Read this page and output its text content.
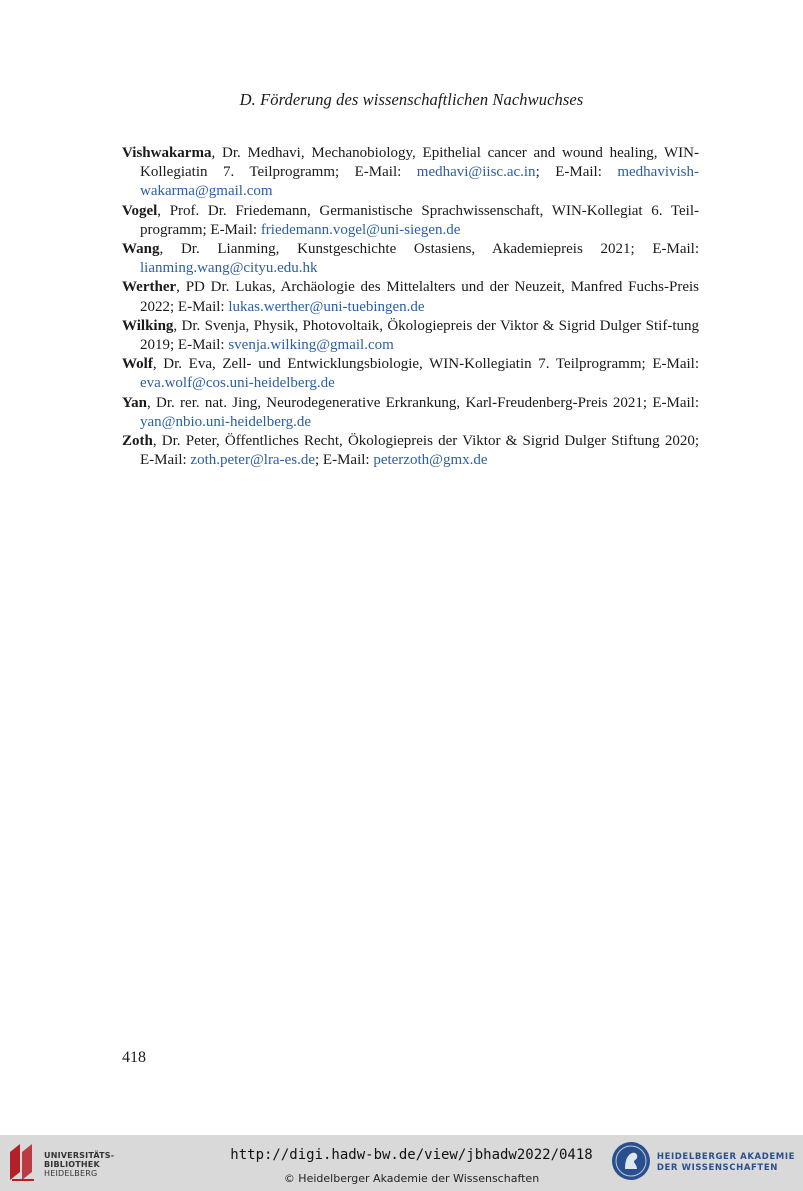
D. Förderung des wissenschaftlichen Nachwuchses

Vishwakarma, Dr. Medhavi, Mechanobiology, Epithelial cancer and wound healing, WIN-Kollegiatin 7. Teilprogramm; E-Mail: medhavi@iisc.ac.in; E-Mail: medhavivish-wakarma@gmail.com

Vogel, Prof. Dr. Friedemann, Germanistische Sprachwissenschaft, WIN-Kollegiat 6. Teil-programm; E-Mail: friedemann.vogel@uni-siegen.de

Wang, Dr. Lianming, Kunstgeschichte Ostasiens, Akademiepreis 2021; E-Mail: lianming.wang@cityu.edu.hk

Werther, PD Dr. Lukas, Archäologie des Mittelalters und der Neuzeit, Manfred Fuchs-Preis 2022; E-Mail: lukas.werther@uni-tuebingen.de

Wilking, Dr. Svenja, Physik, Photovoltaik, Ökologiepreis der Viktor & Sigrid Dulger Stif-tung 2019; E-Mail: svenja.wilking@gmail.com

Wolf, Dr. Eva, Zell- und Entwicklungsbiologie, WIN-Kollegiatin 7. Teilprogramm; E-Mail: eva.wolf@cos.uni-heidelberg.de

Yan, Dr. rer. nat. Jing, Neurodegenerative Erkrankung, Karl-Freudenberg-Preis 2021; E-Mail: yan@nbio.uni-heidelberg.de

Zoth, Dr. Peter, Öffentliches Recht, Ökologiepreis der Viktor & Sigrid Dulger Stiftung 2020; E-Mail: zoth.peter@lra-es.de; E-Mail: peterzoth@gmx.de

418
UNIVERSITÄTS-
BIBLIOTHEK
HEIDELBERG
http://digi.hadw-bw.de/view/jbhadw2022/0418
© Heidelberger Akademie der Wissenschaften
HEIDELBERGER AKADEMIE
DER WISSENSCHAFTEN
